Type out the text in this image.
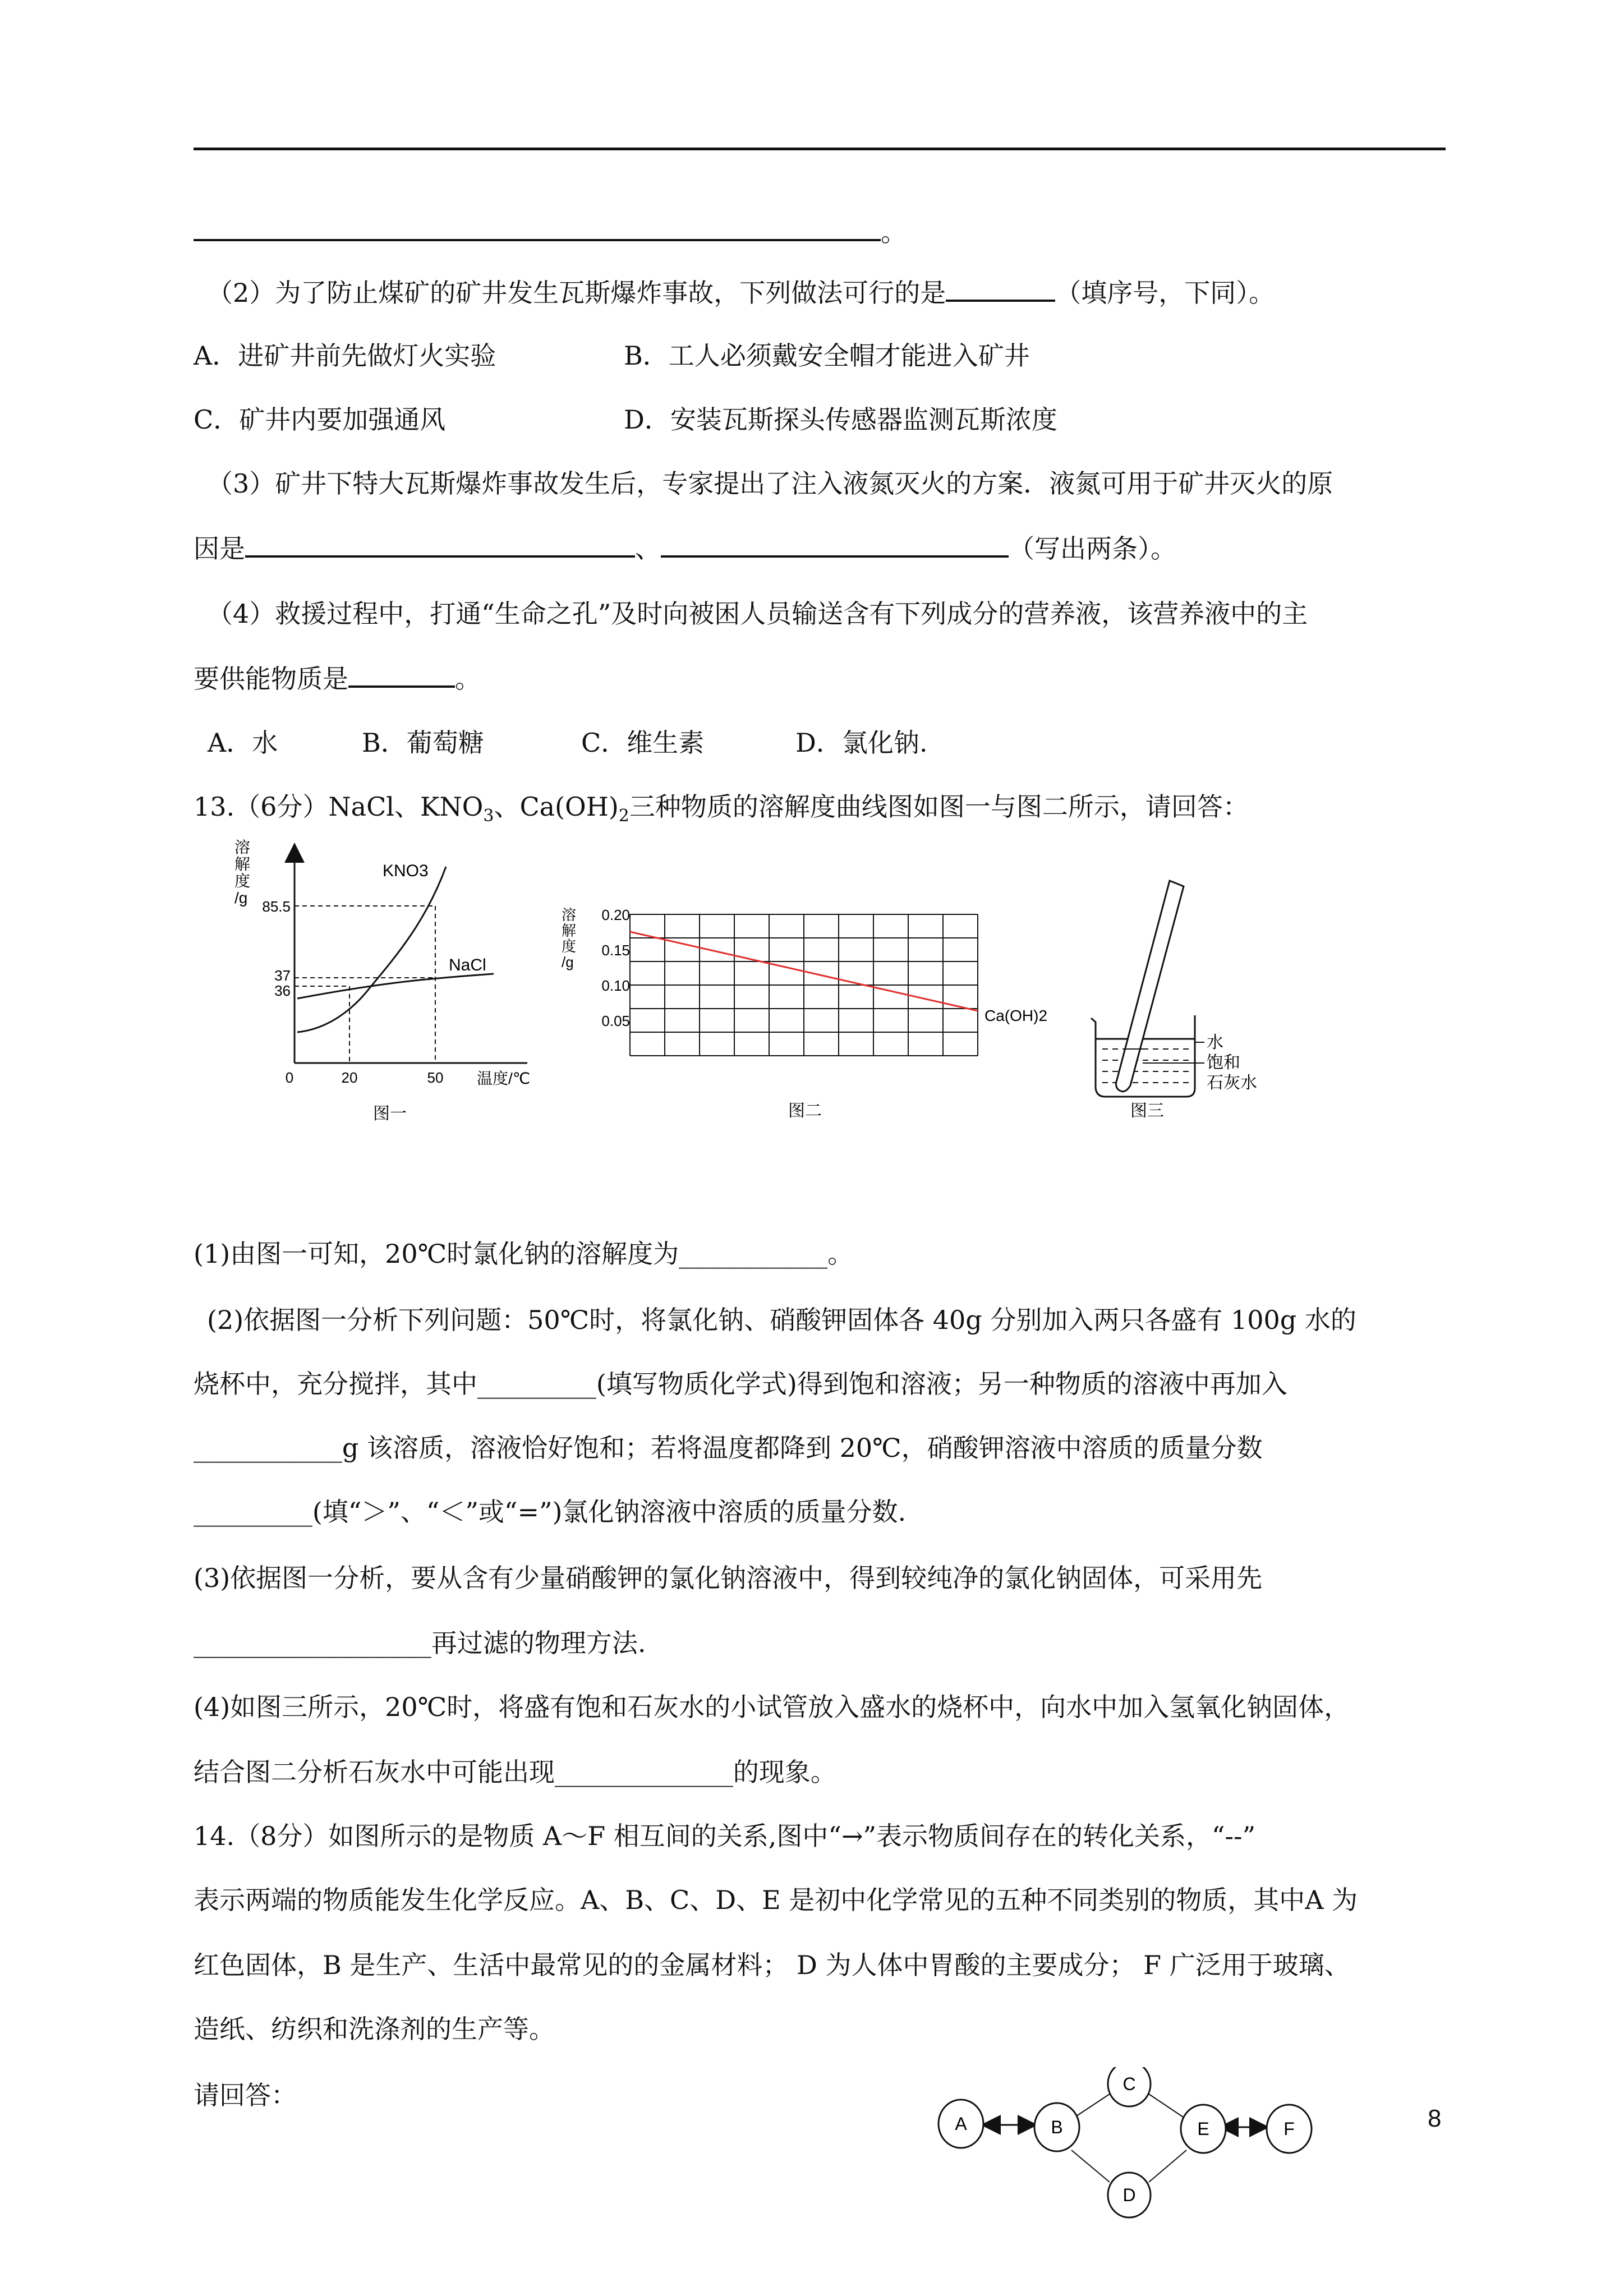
。
（2）为了防止煤矿的矿井发生瓦斯爆炸事故，下列做法可行的是	（填序号，下同）。
A．进矿井前先做灯火实验	B．工人必须戴安全帽才能进入矿井
C．矿井内要加强通风	D．安装瓦斯探头传感器监测瓦斯浓度
（3）矿井下特大瓦斯爆炸事故发生后，专家提出了注入液氮灭火的方案．液氮可用于矿井灭火的原
因是	、	（写出两条）。
（4）救援过程中，打通“生命之孔”及时向被困人员输送含有下列成分的营养液，该营养液中的主
要供能物质是	。
A．水	B．葡萄糖	C．维生素	D．氯化钠.
13.（6分）NaCl、$KNO_3$、$Ca(OH)_2$三种物质的溶解度曲线图如图一与图二所示，请回答：
溶
解
度
/g
KNO3
NaCl
85.5
37
36
0	20	50 温度/℃
图一
溶
解
度
/g
0.20
0.15
0.10
0.05	Ca(OH)2
图二
水
饱和
石灰水
图三
(1)由图一可知，20℃时氯化钠的溶解度为__________。
(2)依据图一分析下列问题：50℃时，将氯化钠、硝酸钾固体各 40g 分别加入两只各盛有 100g 水的
烧杯中，充分搅拌，其中________(填写物质化学式)得到饱和溶液；另一种物质的溶液中再加入
__________g 该溶质，溶液恰好饱和；若将温度都降到 20℃，硝酸钾溶液中溶质的质量分数
________(填“＞”、“＜”或“=”)氯化钠溶液中溶质的质量分数.
(3)依据图一分析，要从含有少量硝酸钾的氯化钠溶液中，得到较纯净的氯化钠固体，可采用先
________________再过滤的物理方法.
(4)如图三所示，20℃时，将盛有饱和石灰水的小试管放入盛水的烧杯中，向水中加入氢氧化钠固体，
结合图二分析石灰水中可能出现____________的现象。
14.（8分）如图所示的是物质 A～F 相互间的关系,图中“→”表示物质间存在的转化关系，“--”
表示两端的物质能发生化学反应。A、B、C、D、E 是初中化学常见的五种不同类别的物质，其中A 为
红色固体，B 是生产、生活中最常见的的金属材料； D 为人体中胃酸的主要成分； F 广泛用于玻璃、
造纸、纺织和洗涤剂的生产等。
请回答：
A	B
C
D
E	F	8
